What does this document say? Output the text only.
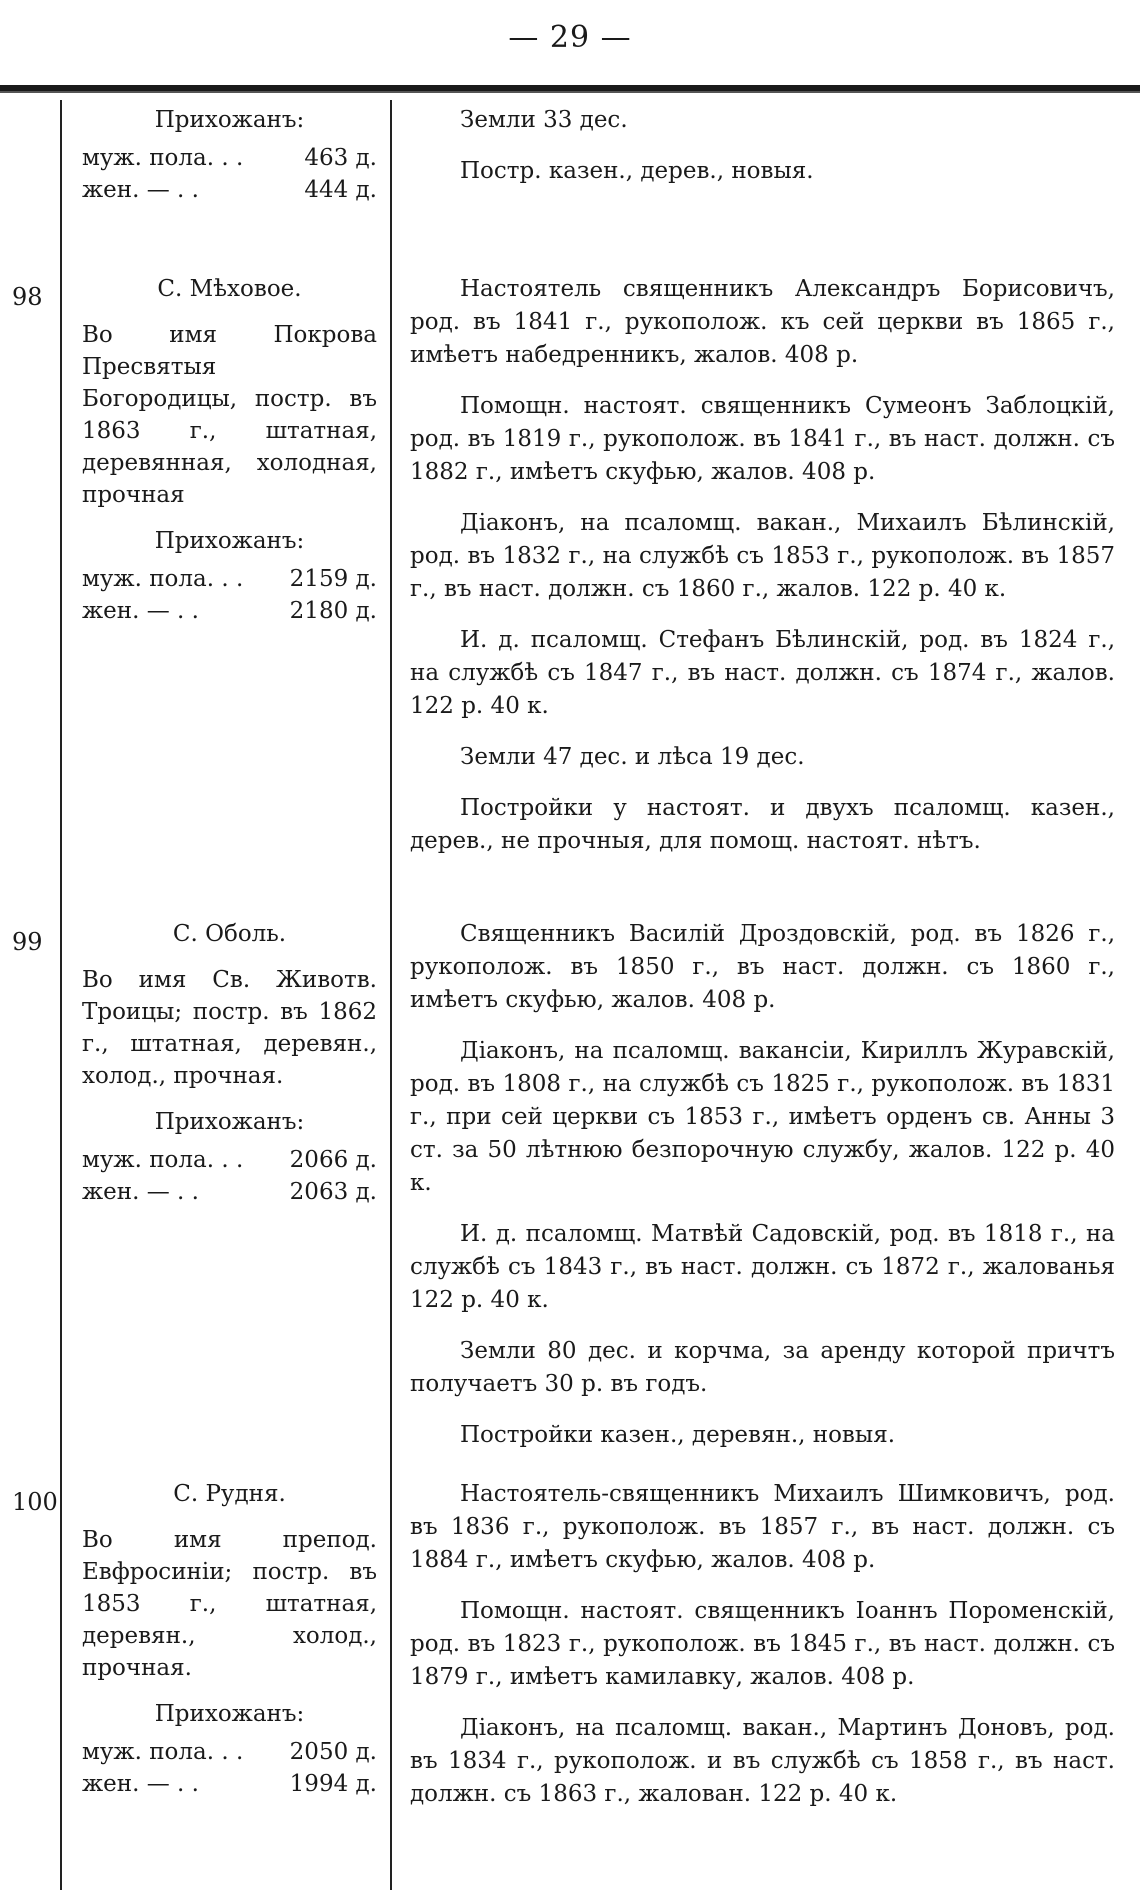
— 29 —
Прихожанъ:
муж. пола. . .	463 д.
жен. — . .	444 д.

Земли 33 дес.

Постр. казен., дерев., новыя.

98	С. Мѣховое.
Во имя Покрова Пресвятыя Богородицы, постр. въ 1863 г., штатная, деревянная, холодная, прочная
Прихожанъ:
муж. пола. . .	2159 д.
жен. — . .	2180 д.

Настоятель священникъ Александръ Борисовичъ, род. въ 1841 г., рукополож. къ сей церкви въ 1865 г., имѣетъ набедренникъ, жалов. 408 р.

Помощн. настоят. священникъ Сумеонъ Заблоцкій, род. въ 1819 г., рукополож. въ 1841 г., въ наст. должн. съ 1882 г., имѣетъ скуфью, жалов. 408 р.

Діаконъ, на псаломщ. вакан., Михаилъ Бѣлинскій, род. въ 1832 г., на службѣ съ 1853 г., рукополож. въ 1857 г., въ наст. должн. съ 1860 г., жалов. 122 р. 40 к.

И. д. псаломщ. Стефанъ Бѣлинскій, род. въ 1824 г., на службѣ съ 1847 г., въ наст. должн. съ 1874 г., жалов. 122 р. 40 к.

Земли 47 дес. и лѣса 19 дес.

Постройки у настоят. и двухъ псаломщ. казен., дерев., не прочныя, для помощ. настоят. нѣтъ.

99	С. Оболь.
Во имя Св. Животв. Троицы; постр. въ 1862 г., штатная, деревян., холод., прочная.
Прихожанъ:
муж. пола. . .	2066 д.
жен. — . .	2063 д.

Священникъ Василій Дроздовскій, род. въ 1826 г., рукополож. въ 1850 г., въ наст. должн. съ 1860 г., имѣетъ скуфью, жалов. 408 р.

Діаконъ, на псаломщ. вакансіи, Кириллъ Журавскій, род. въ 1808 г., на службѣ съ 1825 г., рукополож. въ 1831 г., при сей церкви съ 1853 г., имѣетъ орденъ св. Анны 3 ст. за 50 лѣтнюю безпорочную службу, жалов. 122 р. 40 к.

И. д. псаломщ. Матвѣй Садовскій, род. въ 1818 г., на службѣ съ 1843 г., въ наст. должн. съ 1872 г., жалованья 122 р. 40 к.

Земли 80 дес. и корчма, за аренду которой причтъ получаетъ 30 р. въ годъ.

Постройки казен., деревян., новыя.

100	С. Рудня.
Во имя препод. Евфросиніи; постр. въ 1853 г., штатная, деревян., холод., прочная.
Прихожанъ:
муж. пола. . .	2050 д.
жен. — . .	1994 д.

Настоятель-священникъ Михаилъ Шимковичъ, род. въ 1836 г., рукополож. въ 1857 г., въ наст. должн. съ 1884 г., имѣетъ скуфью, жалов. 408 р.

Помощн. настоят. священникъ Іоаннъ Пороменскій, род. въ 1823 г., рукополож. въ 1845 г., въ наст. должн. съ 1879 г., имѣетъ камилавку, жалов. 408 р.

Діаконъ, на псаломщ. вакан., Мартинъ Доновъ, род. въ 1834 г., рукополож. и въ службѣ съ 1858 г., въ наст. должн. съ 1863 г., жалован. 122 р. 40 к.
